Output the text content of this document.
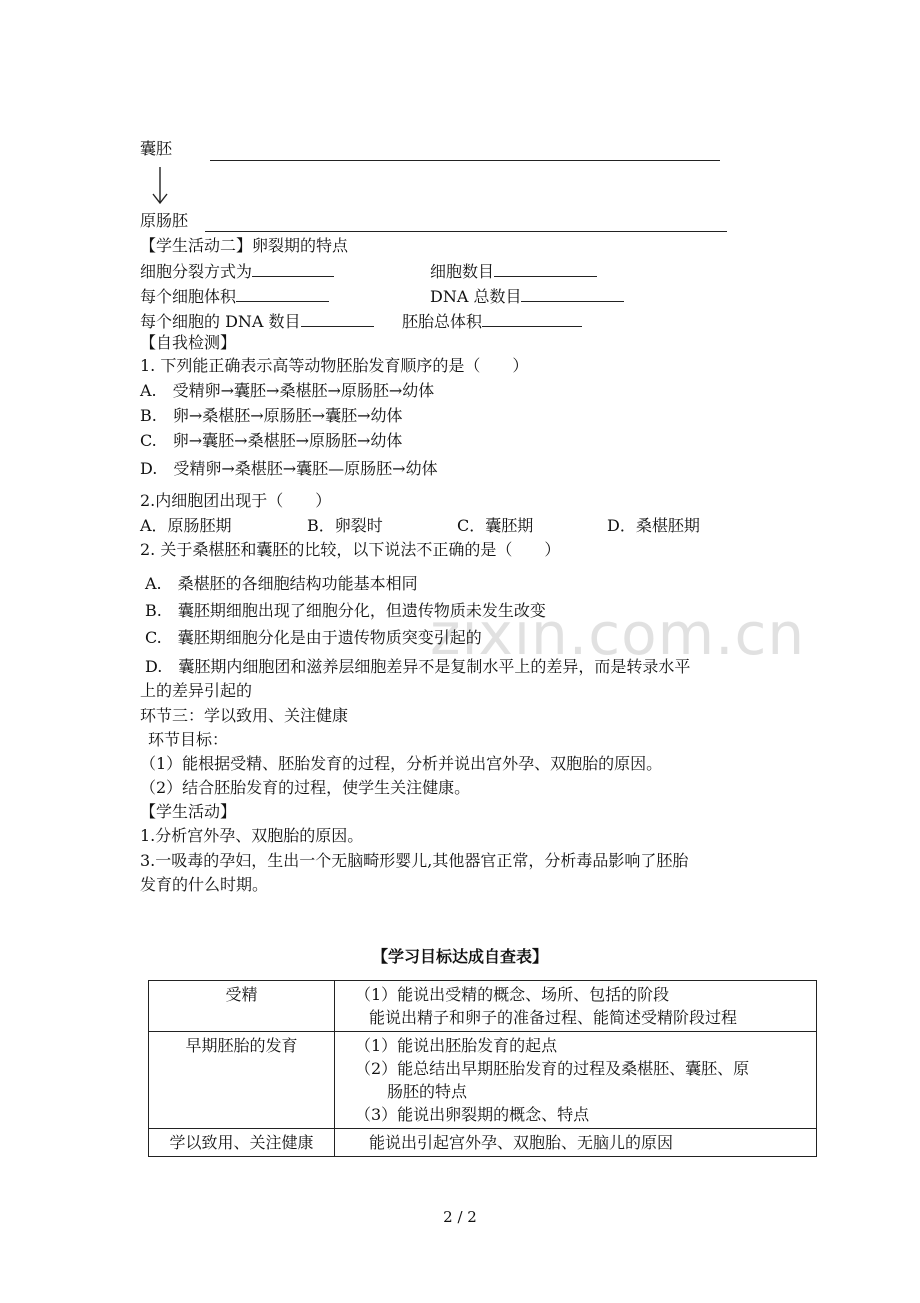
zixin.com.cn
囊胚
原肠胚
【学生活动二】卵裂期的特点
细胞分裂方式为	细胞数目
每个细胞体积	DNA 总数目
每个细胞的 DNA 数目	胚胎总体积
【自我检测】
1. 下列能正确表示高等动物胚胎发育顺序的是（　　）
A.　受精卵→囊胚→桑椹胚→原肠胚→幼体
B.　卵→桑椹胚→原肠胚→囊胚→幼体
C.　卵→囊胚→桑椹胚→原肠胚→幼体
D.　受精卵→桑椹胚→囊胚—原肠胚→幼体
2.内细胞团出现于（　　）
A．原肠胚期	B．卵裂时	C．囊胚期	D．桑椹胚期
2. 关于桑椹胚和囊胚的比较，以下说法不正确的是（　　）
A.　桑椹胚的各细胞结构功能基本相同
B.　囊胚期细胞出现了细胞分化，但遗传物质未发生改变
C.　囊胚期细胞分化是由于遗传物质突变引起的
D.　囊胚期内细胞团和滋养层细胞差异不是复制水平上的差异，而是转录水平
上的差异引起的
环节三：学以致用、关注健康
环节目标：
（1）能根据受精、胚胎发育的过程，分析并说出宫外孕、双胞胎的原因。
（2）结合胚胎发育的过程，使学生关注健康。
【学生活动】
1.分析宫外孕、双胞胎的原因。
3.一吸毒的孕妇，生出一个无脑畸形婴儿,其他器官正常，分析毒品影响了胚胎
发育的什么时期。
【学习目标达成自查表】
受精	（1）能说出受精的概念、场所、包括的阶段
能说出精子和卵子的准备过程、能简述受精阶段过程

早期胚胎的发育	（1）能说出胚胎发育的起点
（2）能总结出早期胚胎发育的过程及桑椹胚、囊胚、原
肠胚的特点
（3）能说出卵裂期的概念、特点

学以致用、关注健康	能说出引起宫外孕、双胞胎、无脑儿的原因
2 / 2
